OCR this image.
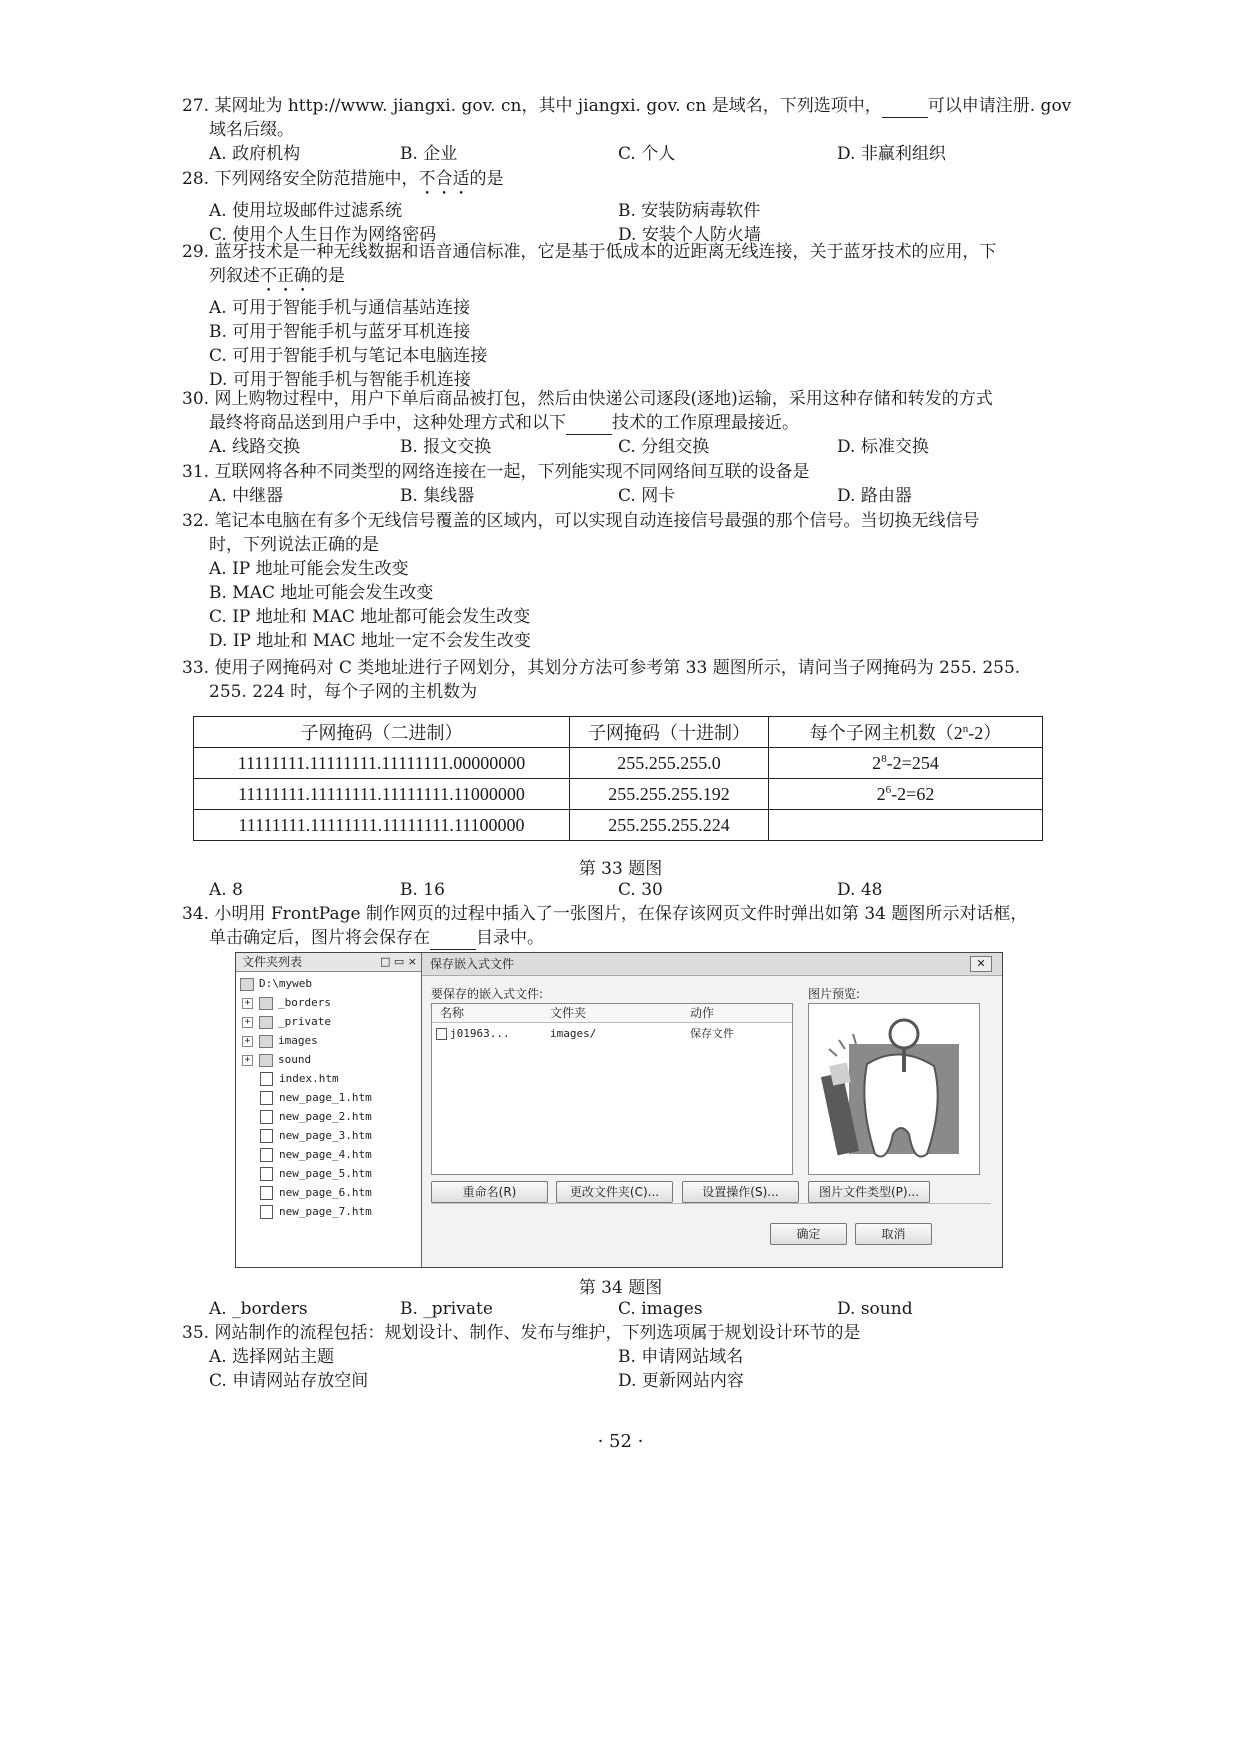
27. 某网址为 http://www. jiangxi. gov. cn，其中 jiangxi. gov. cn 是域名，下列选项中，	可以申请注册. gov
域名后缀。
A. 政府机构	B. 企业	C. 个人	D. 非赢利组织
28. 下列网络安全防范措施中，不合适的是
A. 使用垃圾邮件过滤系统	B. 安装防病毒软件
C. 使用个人生日作为网络密码	D. 安装个人防火墙
29. 蓝牙技术是一种无线数据和语音通信标准，它是基于低成本的近距离无线连接，关于蓝牙技术的应用，下
列叙述不正确的是
A. 可用于智能手机与通信基站连接
B. 可用于智能手机与蓝牙耳机连接
C. 可用于智能手机与笔记本电脑连接
D. 可用于智能手机与智能手机连接
30. 网上购物过程中，用户下单后商品被打包，然后由快递公司逐段(逐地)运输，采用这种存储和转发的方式
最终将商品送到用户手中，这种处理方式和以下	技术的工作原理最接近。
A. 线路交换	B. 报文交换	C. 分组交换	D. 标准交换
31. 互联网将各种不同类型的网络连接在一起，下列能实现不同网络间互联的设备是
A. 中继器	B. 集线器	C. 网卡	D. 路由器
32. 笔记本电脑在有多个无线信号覆盖的区域内，可以实现自动连接信号最强的那个信号。当切换无线信号
时，下列说法正确的是
A. IP 地址可能会发生改变
B. MAC 地址可能会发生改变
C. IP 地址和 MAC 地址都可能会发生改变
D. IP 地址和 MAC 地址一定不会发生改变
33. 使用子网掩码对 C 类地址进行子网划分，其划分方法可参考第 33 题图所示，请问当子网掩码为 255. 255.
255. 224 时，每个子网的主机数为
子网掩码（二进制）	子网掩码（十进制）	每个子网主机数（2$^n$-2）
11111111.11111111.11111111.00000000	255.255.255.0	$2^8-2=254$
11111111.11111111.11111111.11000000	255.255.255.192	$2^6-2=62$
11111111.11111111.11111111.11100000	255.255.255.224	
第 33 题图
A. 8	B. 16	C. 30	D. 48
34. 小明用 FrontPage 制作网页的过程中插入了一张图片，在保存该网页文件时弹出如第 34 题图所示对话框，
单击确定后，图片将会保存在	目录中。
文件夹列表	□ ▭ ×
D:\myweb
+	_borders
+	_private
+	images
+	sound
index.htm
new_page_1.htm
new_page_2.htm
new_page_3.htm
new_page_4.htm
new_page_5.htm
new_page_6.htm
new_page_7.htm
保存嵌入式文件	✕
要保存的嵌入式文件:	图片预览:
名称	文件夹	动作
j01963...	images/	保存文件
重命名(R)	更改文件夹(C)...	设置操作(S)...	图片文件类型(P)...
确定	取消
第 34 题图
A. _borders	B. _private	C. images	D. sound
35. 网站制作的流程包括：规划设计、制作、发布与维护，下列选项属于规划设计环节的是
A. 选择网站主题	B. 申请网站域名
C. 申请网站存放空间	D. 更新网站内容
· 52 ·
